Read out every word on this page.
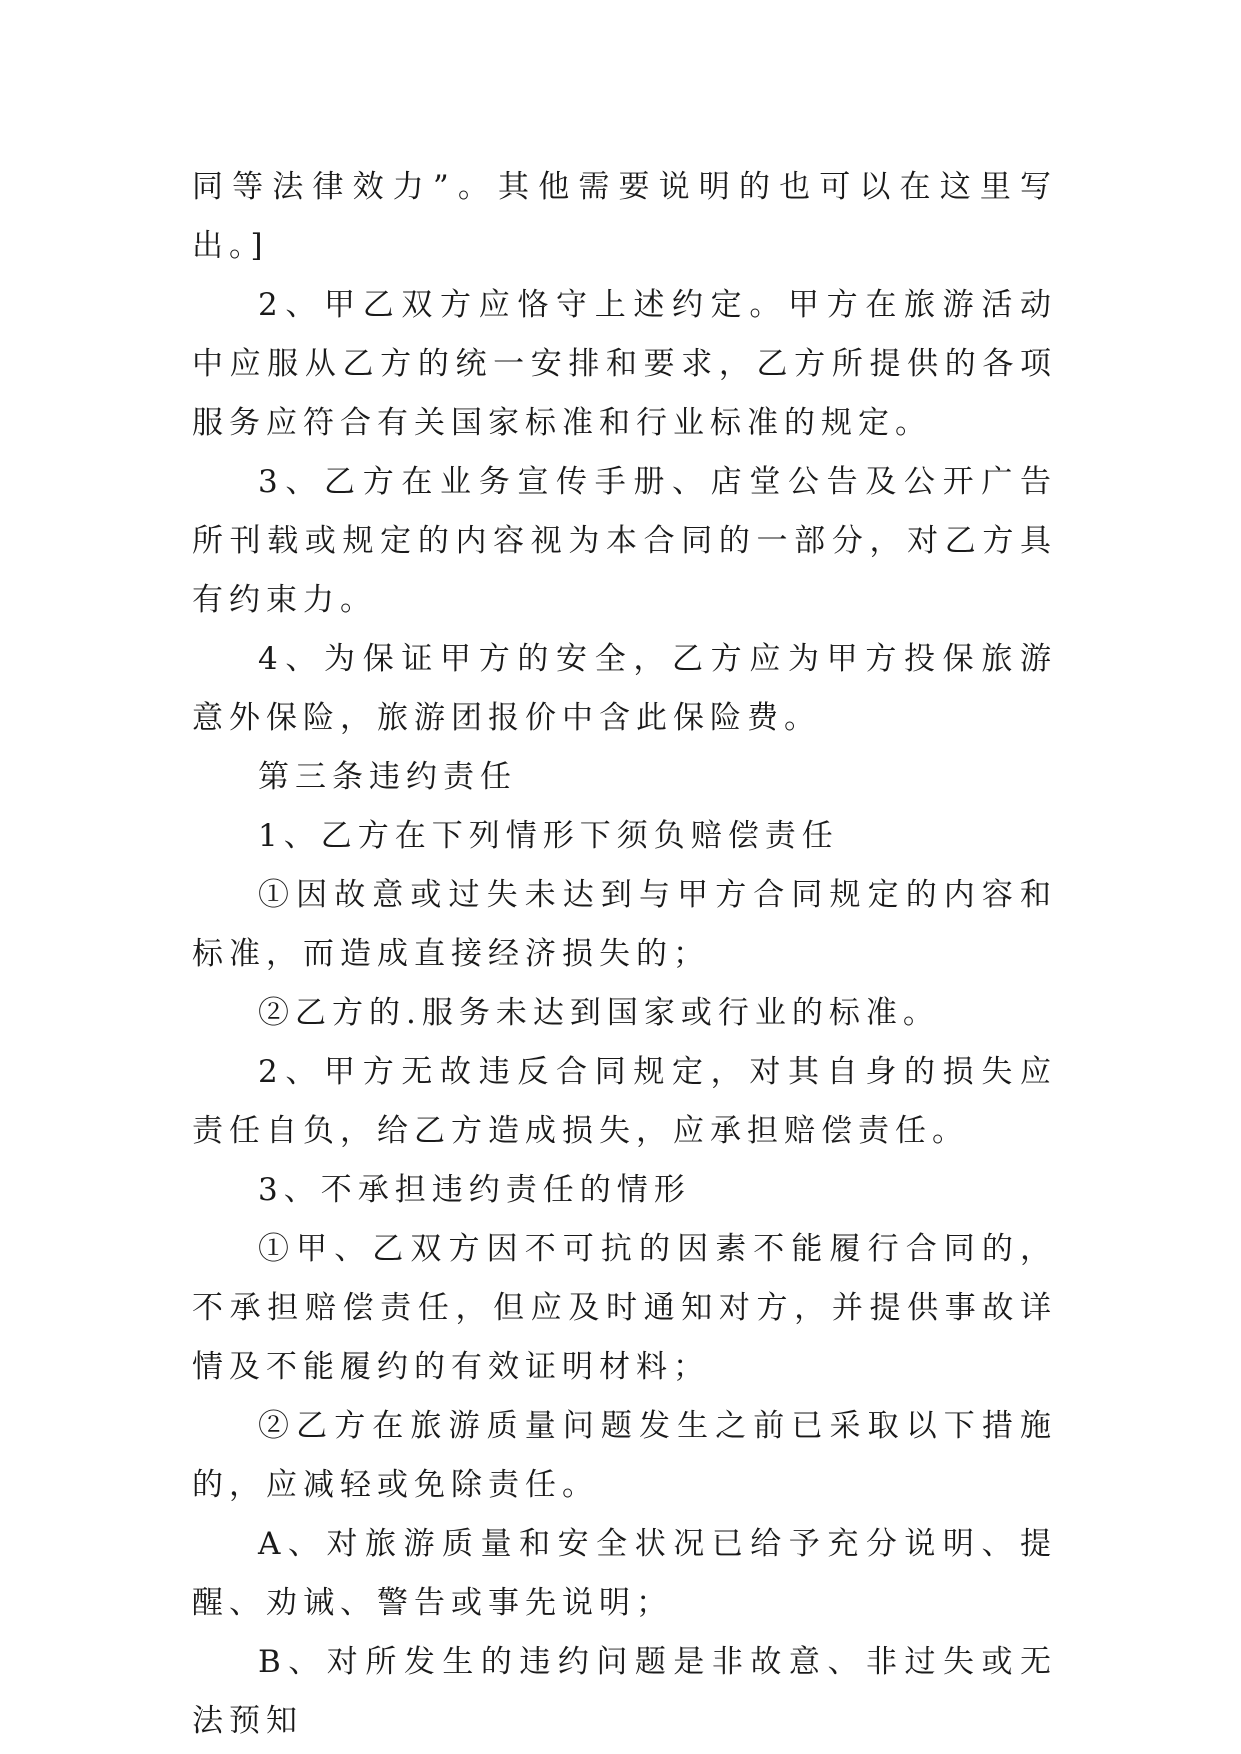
同等法律效力”。其他需要说明的也可以在这里写出。]

2、甲乙双方应恪守上述约定。甲方在旅游活动中应服从乙方的统一安排和要求，乙方所提供的各项服务应符合有关国家标准和行业标准的规定。

3、乙方在业务宣传手册、店堂公告及公开广告所刊载或规定的内容视为本合同的一部分，对乙方具有约束力。

4、为保证甲方的安全，乙方应为甲方投保旅游意外保险，旅游团报价中含此保险费。

第三条违约责任

1、乙方在下列情形下须负赔偿责任

①因故意或过失未达到与甲方合同规定的内容和标准，而造成直接经济损失的；

②乙方的.服务未达到国家或行业的标准。

2、甲方无故违反合同规定，对其自身的损失应责任自负，给乙方造成损失，应承担赔偿责任。

3、不承担违约责任的情形

①甲、乙双方因不可抗的因素不能履行合同的，不承担赔偿责任，但应及时通知对方，并提供事故详情及不能履约的有效证明材料；

②乙方在旅游质量问题发生之前已采取以下措施的，应减轻或免除责任。

A、对旅游质量和安全状况已给予充分说明、提醒、劝诫、警告或事先说明；

B、对所发生的违约问题是非故意、非过失或无法预知
